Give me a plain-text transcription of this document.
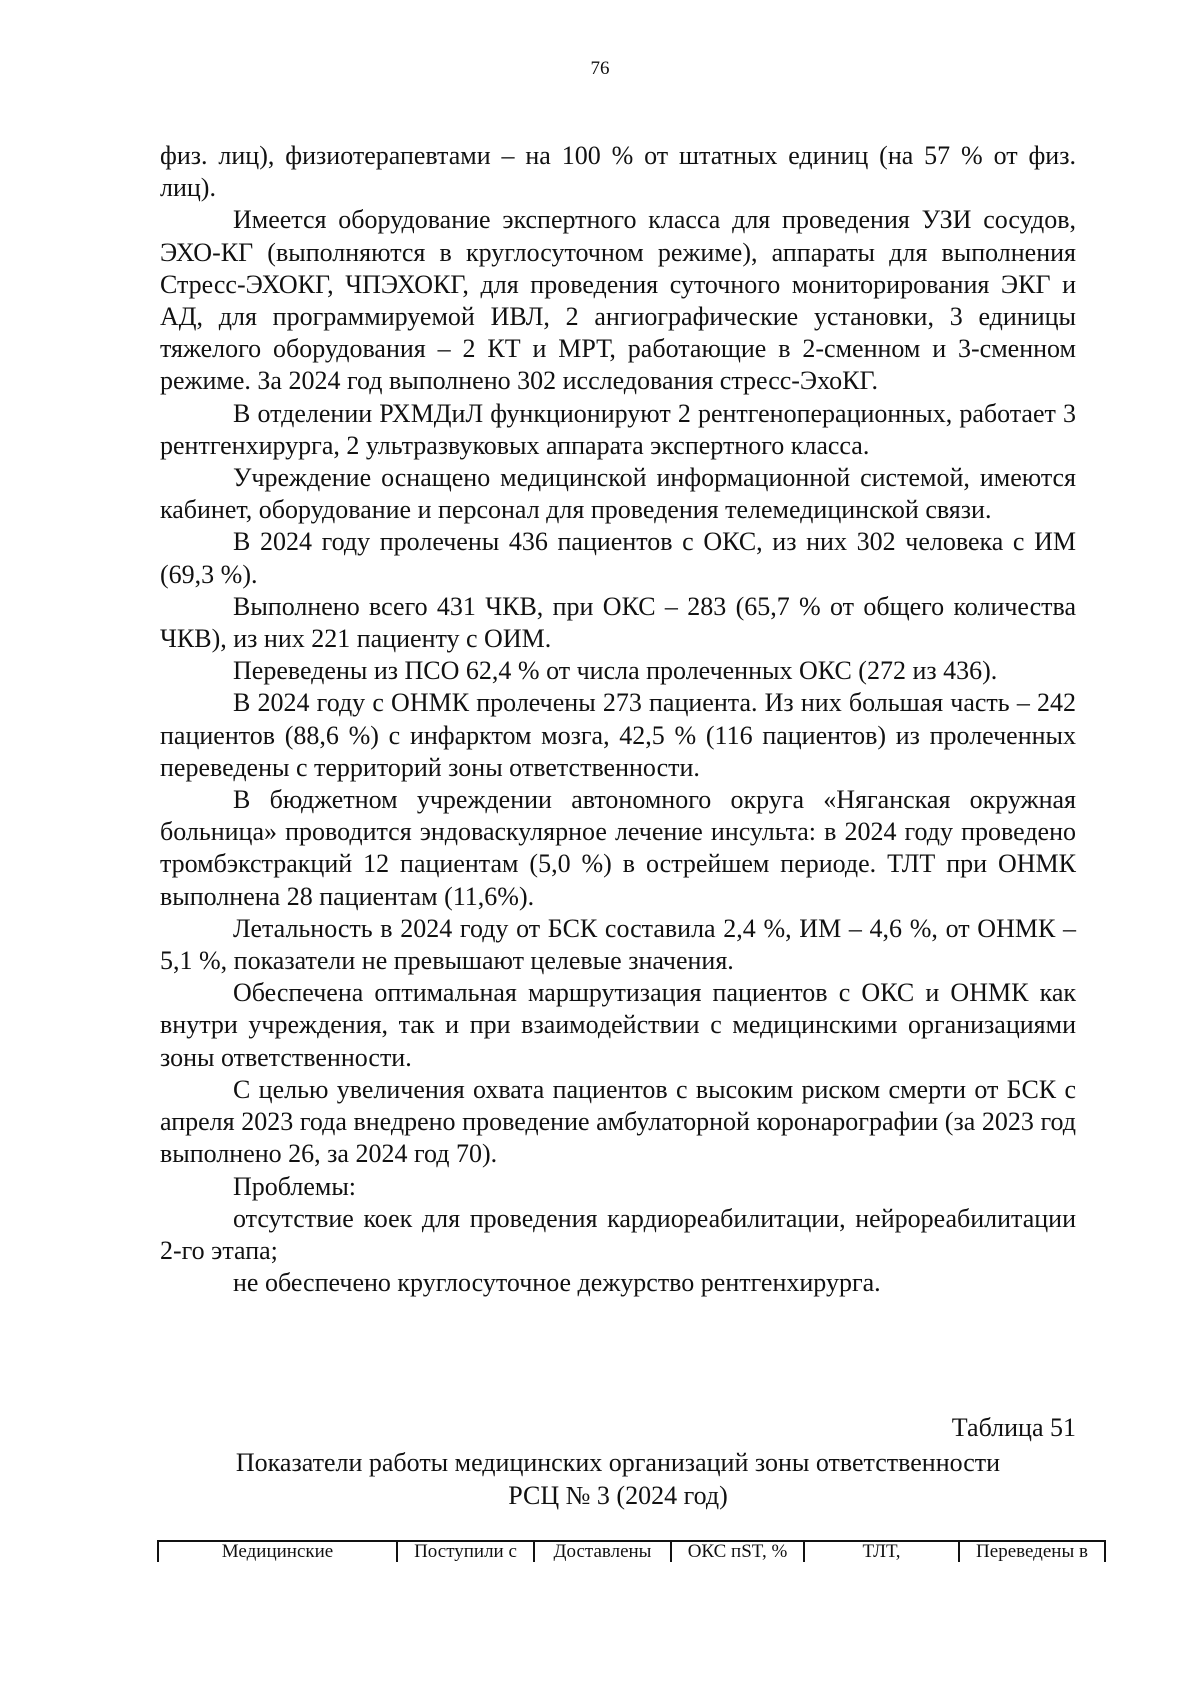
76

физ. лиц), физиотерапевтами – на 100 % от штатных единиц (на 57 % от физ. лиц).

Имеется оборудование экспертного класса для проведения УЗИ сосудов, ЭХО-КГ (выполняются в круглосуточном режиме), аппараты для выполнения Стресс-ЭХОКГ, ЧПЭХОКГ, для проведения суточного мониторирования ЭКГ и АД, для программируемой ИВЛ, 2 ангиографические установки, 3 единицы тяжелого оборудования – 2 КТ и МРТ, работающие в 2-сменном и 3-сменном режиме. За 2024 год выполнено 302 исследования стресс-ЭхоКГ.

В отделении РХМДиЛ функционируют 2 рентгеноперационных, работает 3 рентгенхирурга, 2 ультразвуковых аппарата экспертного класса.

Учреждение оснащено медицинской информационной системой, имеются кабинет, оборудование и персонал для проведения телемедицинской связи.

В 2024 году пролечены 436 пациентов с ОКС, из них 302 человека с ИМ (69,3 %).

Выполнено всего 431 ЧКВ, при ОКС – 283 (65,7 % от общего количества ЧКВ), из них 221 пациенту с ОИМ.

Переведены из ПСО 62,4 % от числа пролеченных ОКС (272 из 436).

В 2024 году с ОНМК пролечены 273 пациента. Из них большая часть – 242 пациентов (88,6 %) с инфарктом мозга, 42,5 % (116 пациентов) из пролеченных переведены с территорий зоны ответственности.

В бюджетном учреждении автономного округа «Няганская окружная больница» проводится эндоваскулярное лечение инсульта: в 2024 году проведено тромбэкстракций 12 пациентам (5,0 %) в острейшем периоде. ТЛТ при ОНМК выполнена 28 пациентам (11,6%).

Летальность в 2024 году от БСК составила 2,4 %, ИМ – 4,6 %, от ОНМК – 5,1 %, показатели не превышают целевые значения.

Обеспечена оптимальная маршрутизация пациентов с ОКС и ОНМК как внутри учреждения, так и при взаимодействии с медицинскими организациями зоны ответственности.

С целью увеличения охвата пациентов с высоким риском смерти от БСК с апреля 2023 года внедрено проведение амбулаторной коронарографии (за 2023 год выполнено 26, за 2024 год 70).

Проблемы:

отсутствие коек для проведения кардиореабилитации, нейрореабилитации 2-го этапа;

не обеспечено круглосуточное дежурство рентгенхирурга.

Таблица 51
Показатели работы медицинских организаций зоны ответственности
РСЦ № 3 (2024 год)
Медицинские	Поступили с	Доставлены	ОКС пST, %	ТЛТ,	Переведены в
